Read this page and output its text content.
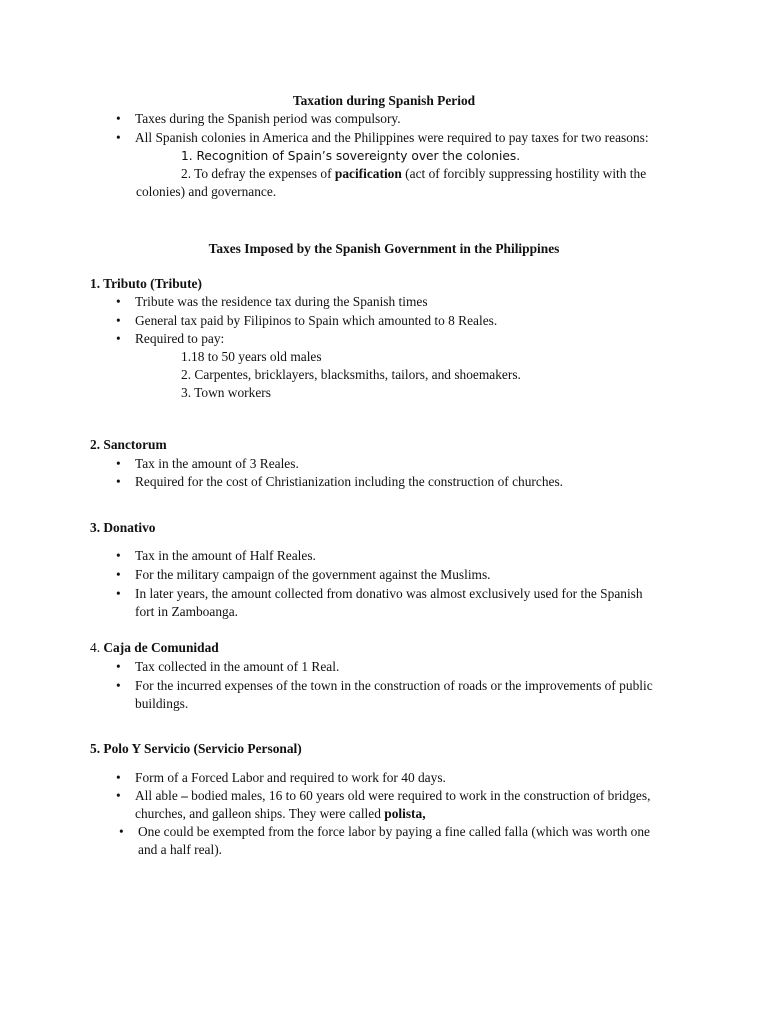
Taxation during Spanish Period
• Taxes during the Spanish period was compulsory.
• All Spanish colonies in America and the Philippines were required to pay taxes for two reasons:
1. Recognition of Spain’s sovereignty over the colonies.
2. To defray the expenses of pacification (act of forcibly suppressing hostility with the
colonies) and governance.
Taxes Imposed by the Spanish Government in the Philippines
1. Tributo (Tribute)
• Tribute was the residence tax during the Spanish times
• General tax paid by Filipinos to Spain which amounted to 8 Reales.
• Required to pay:
1.18 to 50 years old males
2. Carpentes, bricklayers, blacksmiths, tailors, and shoemakers.
3. Town workers
2. Sanctorum
• Tax in the amount of 3 Reales.
• Required for the cost of Christianization including the construction of churches.
3. Donativo
• Tax in the amount of Half Reales.
• For the military campaign of the government against the Muslims.
• In later years, the amount collected from donativo was almost exclusively used for the Spanish
fort in Zamboanga.
4. Caja de Comunidad
• Tax collected in the amount of 1 Real.
• For the incurred expenses of the town in the construction of roads or the improvements of public
buildings.
5. Polo Y Servicio (Servicio Personal)
• Form of a Forced Labor and required to work for 40 days.
• All able – bodied males, 16 to 60 years old were required to work in the construction of bridges,
churches, and galleon ships. They were called polista,
• One could be exempted from the force labor by paying a fine called falla (which was worth one
and a half real).
